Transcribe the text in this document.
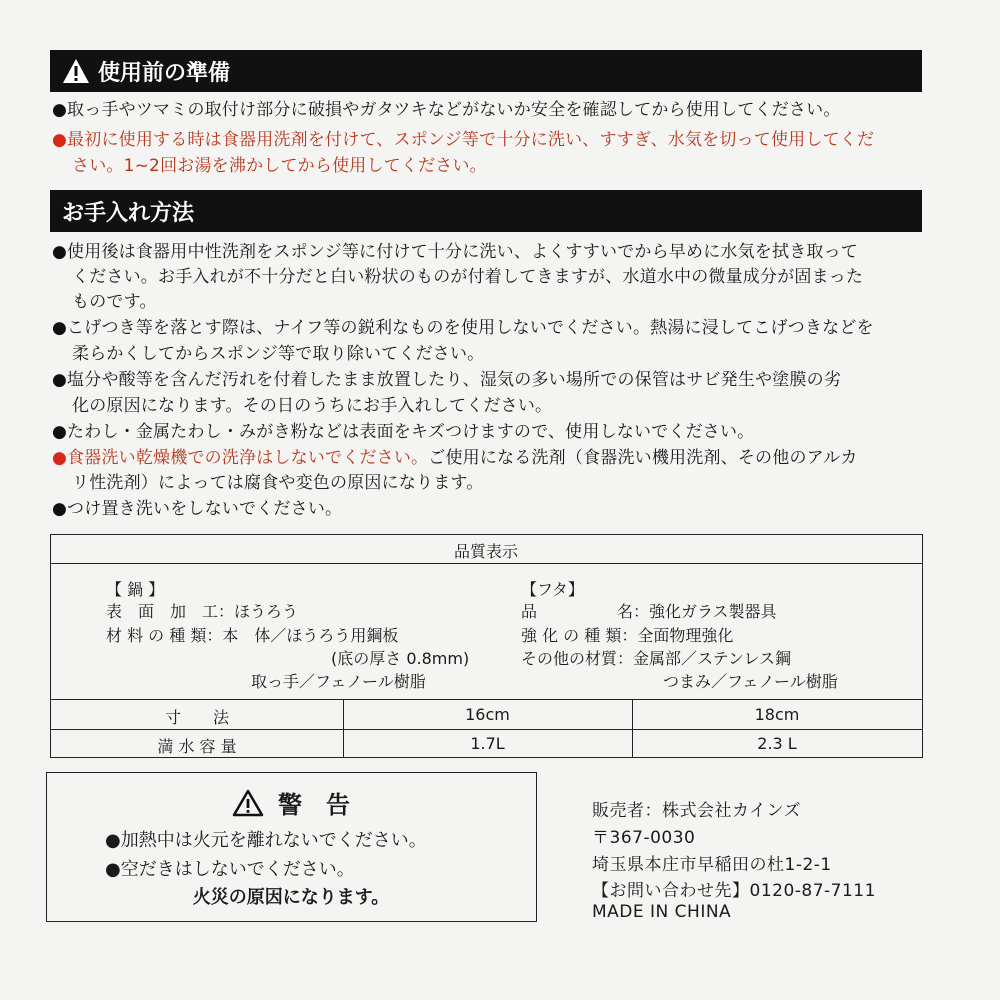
使用前の準備
●取っ手やツマミの取付け部分に破損やガタツキなどがないか安全を確認してから使用してください。
●最初に使用する時は食器用洗剤を付けて、スポンジ等で十分に洗い、すすぎ、水気を切って使用してくだ
さい。1~2回お湯を沸かしてから使用してください。
お手入れ方法
●使用後は食器用中性洗剤をスポンジ等に付けて十分に洗い、よくすすいでから早めに水気を拭き取って
ください。お手入れが不十分だと白い粉状のものが付着してきますが、水道水中の微量成分が固まった
ものです。
●こげつき等を落とす際は、ナイフ等の鋭利なものを使用しないでください。熱湯に浸してこげつきなどを
柔らかくしてからスポンジ等で取り除いてください。
●塩分や酸等を含んだ汚れを付着したまま放置したり、湿気の多い場所での保管はサビ発生や塗膜の劣
化の原因になります。その日のうちにお手入れしてください。
●たわし・金属たわし・みがき粉などは表面をキズつけますので、使用しないでください。
●食器洗い乾燥機での洗浄はしないでください。ご使用になる洗剤（食器洗い機用洗剤、その他のアルカ
リ性洗剤）によっては腐食や変色の原因になります。
●つけ置き洗いをしないでください。
品質表示
【 鍋 】
表　面　加　工：ほうろう
材 料 の 種 類：本　体／ほうろう用鋼板
(底の厚さ 0.8mm)
取っ手／フェノール樹脂
【フタ】
品　　　　　名：強化ガラス製器具
強 化 の 種 類：全面物理強化
その他の材質：金属部／ステンレス鋼
つまみ／フェノール樹脂
寸　　法	16cm	18cm
満 水 容 量	1.7L	2.3 L
警　告
●加熱中は火元を離れないでください。
●空だきはしないでください。
火災の原因になります。
販売者：株式会社カインズ
〒367-0030
埼玉県本庄市早稲田の杜1-2-1
【お問い合わせ先】0120-87-7111
MADE IN CHINA
